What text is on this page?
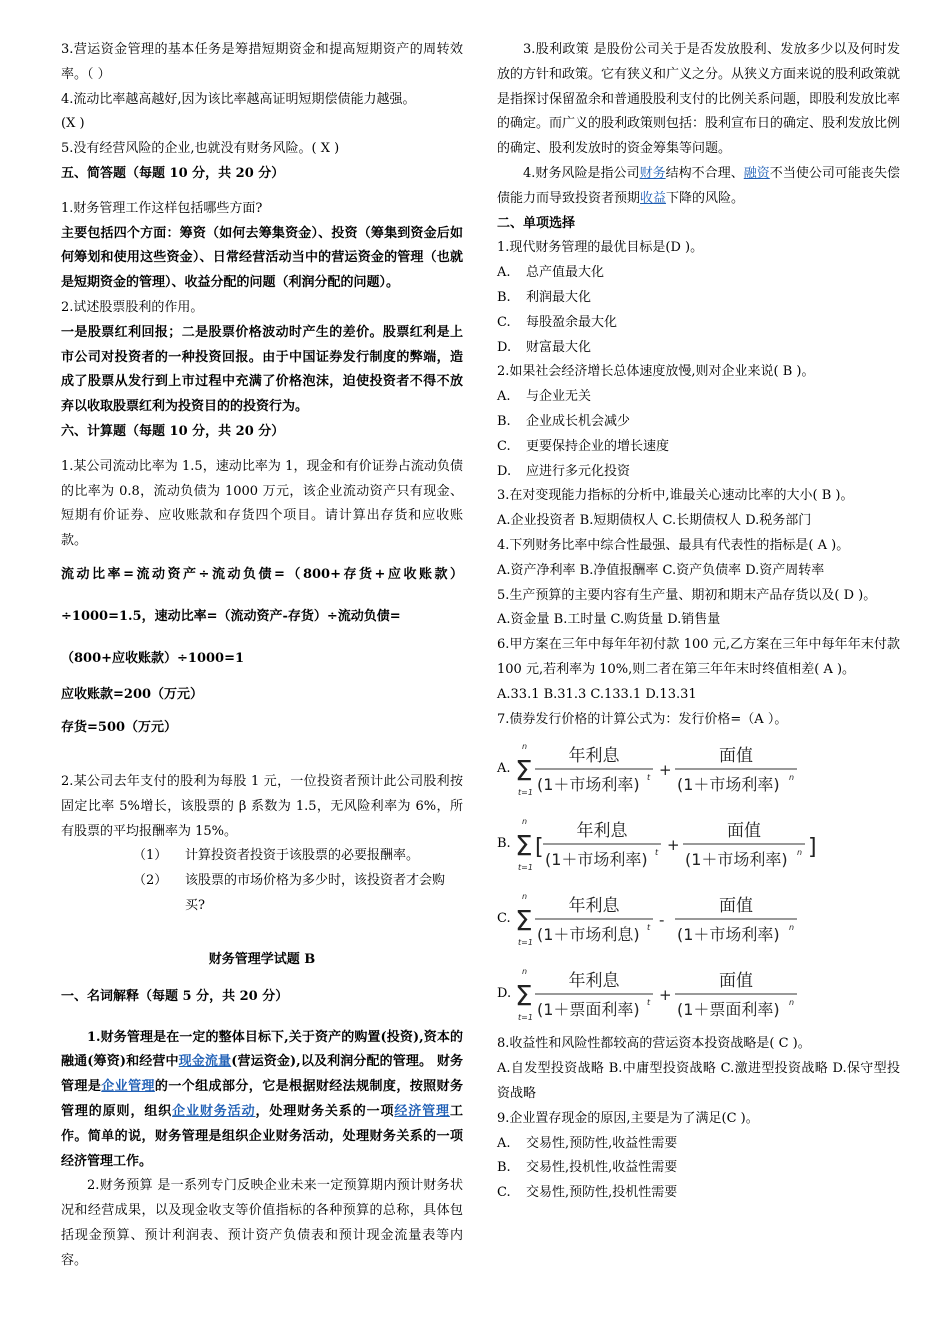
3.营运资金管理的基本任务是筹措短期资金和提高短期资产的周转效率。（ ）

4.流动比率越高越好,因为该比率越高证明短期偿债能力越强。

(X )

5.没有经营风险的企业,也就没有财务风险。( X )

五、简答题（每题 10 分，共 20 分）

1.财务管理工作这样包括哪些方面?

主要包括四个方面：筹资（如何去筹集资金）、投资（筹集到资金后如何筹划和使用这些资金）、日常经营活动当中的营运资金的管理（也就是短期资金的管理）、收益分配的问题（利润分配的问题）。

2.试述股票股利的作用。

一是股票红利回报；二是股票价格波动时产生的差价。股票红利是上市公司对投资者的一种投资回报。由于中国证券发行制度的弊端，造成了股票从发行到上市过程中充满了价格泡沫，迫使投资者不得不放弃以收取股票红利为投资目的的投资行为。

六、计算题（每题 10 分，共 20 分）

1.某公司流动比率为 1.5，速动比率为 1，现金和有价证券占流动负债的比率为 0.8，流动负债为 1000 万元，该企业流动资产只有现金、短期有价证券、应收账款和存货四个项目。请计算出存货和应收账款。

流动比率=流动资产÷流动负债=（800+存货+应收账款）÷1000=1.5，速动比率=（流动资产-存货）÷流动负债=

（800+应收账款）÷1000=1

应收账款=200（万元）

存货=500（万元）

2.某公司去年支付的股利为每股 1 元，一位投资者预计此公司股利按固定比率 5%增长，该股票的 β 系数为 1.5，无风险利率为 6%，所有股票的平均报酬率为 15%。

（1） 计算投资者投资于该股票的必要报酬率。
（2） 该股票的市场价格为多少时，该投资者才会购买?

财务管理学试题 B

一、名词解释（每题 5 分，共 20 分）

1.财务管理是在一定的整体目标下,关于资产的购置(投资),资本的融通(筹资)和经营中现金流量(营运资金),以及利润分配的管理。 财务管理是企业管理的一个组成部分，它是根据财经法规制度，按照财务管理的原则，组织企业财务活动，处理财务关系的一项经济管理工作。简单的说，财务管理是组织企业财务活动，处理财务关系的一项经济管理工作。

2.财务预算 是一系列专门反映企业未来一定预算期内预计财务状况和经营成果，以及现金收支等价值指标的各种预算的总称，具体包括现金预算、预计利润表、预计资产负债表和预计现金流量表等内容。

3.股利政策 是股份公司关于是否发放股利、发放多少以及何时发放的方针和政策。它有狭义和广义之分。从狭义方面来说的股利政策就是指探讨保留盈余和普通股股利支付的比例关系问题，即股利发放比率的确定。而广义的股利政策则包括：股利宣布日的确定、股利发放比例的确定、股利发放时的资金筹集等问题。

4.财务风险是指公司财务结构不合理、融资不当使公司可能丧失偿债能力而导致投资者预期收益下降的风险。

二、单项选择

1.现代财务管理的最优目标是(D )。

A. 总产值最大化
B. 利润最大化
C. 每股盈余最大化
D. 财富最大化

2.如果社会经济增长总体速度放慢,则对企业来说( B )。

A. 与企业无关
B. 企业成长机会减少
C. 更要保持企业的增长速度
D. 应进行多元化投资

3.在对变现能力指标的分析中,谁最关心速动比率的大小( B )。

A.企业投资者 B.短期债权人 C.长期债权人 D.税务部门

4.下列财务比率中综合性最强、最具有代表性的指标是( A )。

A.资产净利率 B.净值报酬率 C.资产负债率 D.资产周转率

5.生产预算的主要内容有生产量、期初和期末产品存货以及( D )。

A.资金量 B.工时量 C.购货量 D.销售量

6.甲方案在三年中每年年初付款 100 元,乙方案在三年中每年年末付款 100 元,若利率为 10%,则二者在第三年年末时终值相差( A )。

A.33.1 B.31.3 C.133.1 D.13.31

7.债券发行价格的计算公式为：发行价格=（A ）。

A. Σ
n
t=1
年利息
(1＋市场利率) t +
面值
(1＋市场利率) n
B. Σ
n
t=1
[
年利息
(1＋市场利率) t +
面值
(1＋市场利率) n ]
C. Σ
n
t=1
年利息
(1＋市场利息) t -
面值
(1＋市场利率) n
D. Σ
n
t=1
年利息
(1＋票面利率) t +
面值
(1＋票面利率) n

8.收益性和风险性都较高的营运资本投资战略是( C )。

A.自发型投资战略 B.中庸型投资战略 C.激进型投资战略 D.保守型投资战略

9.企业置存现金的原因,主要是为了满足(C )。

A. 交易性,预防性,收益性需要
B. 交易性,投机性,收益性需要
C. 交易性,预防性,投机性需要
